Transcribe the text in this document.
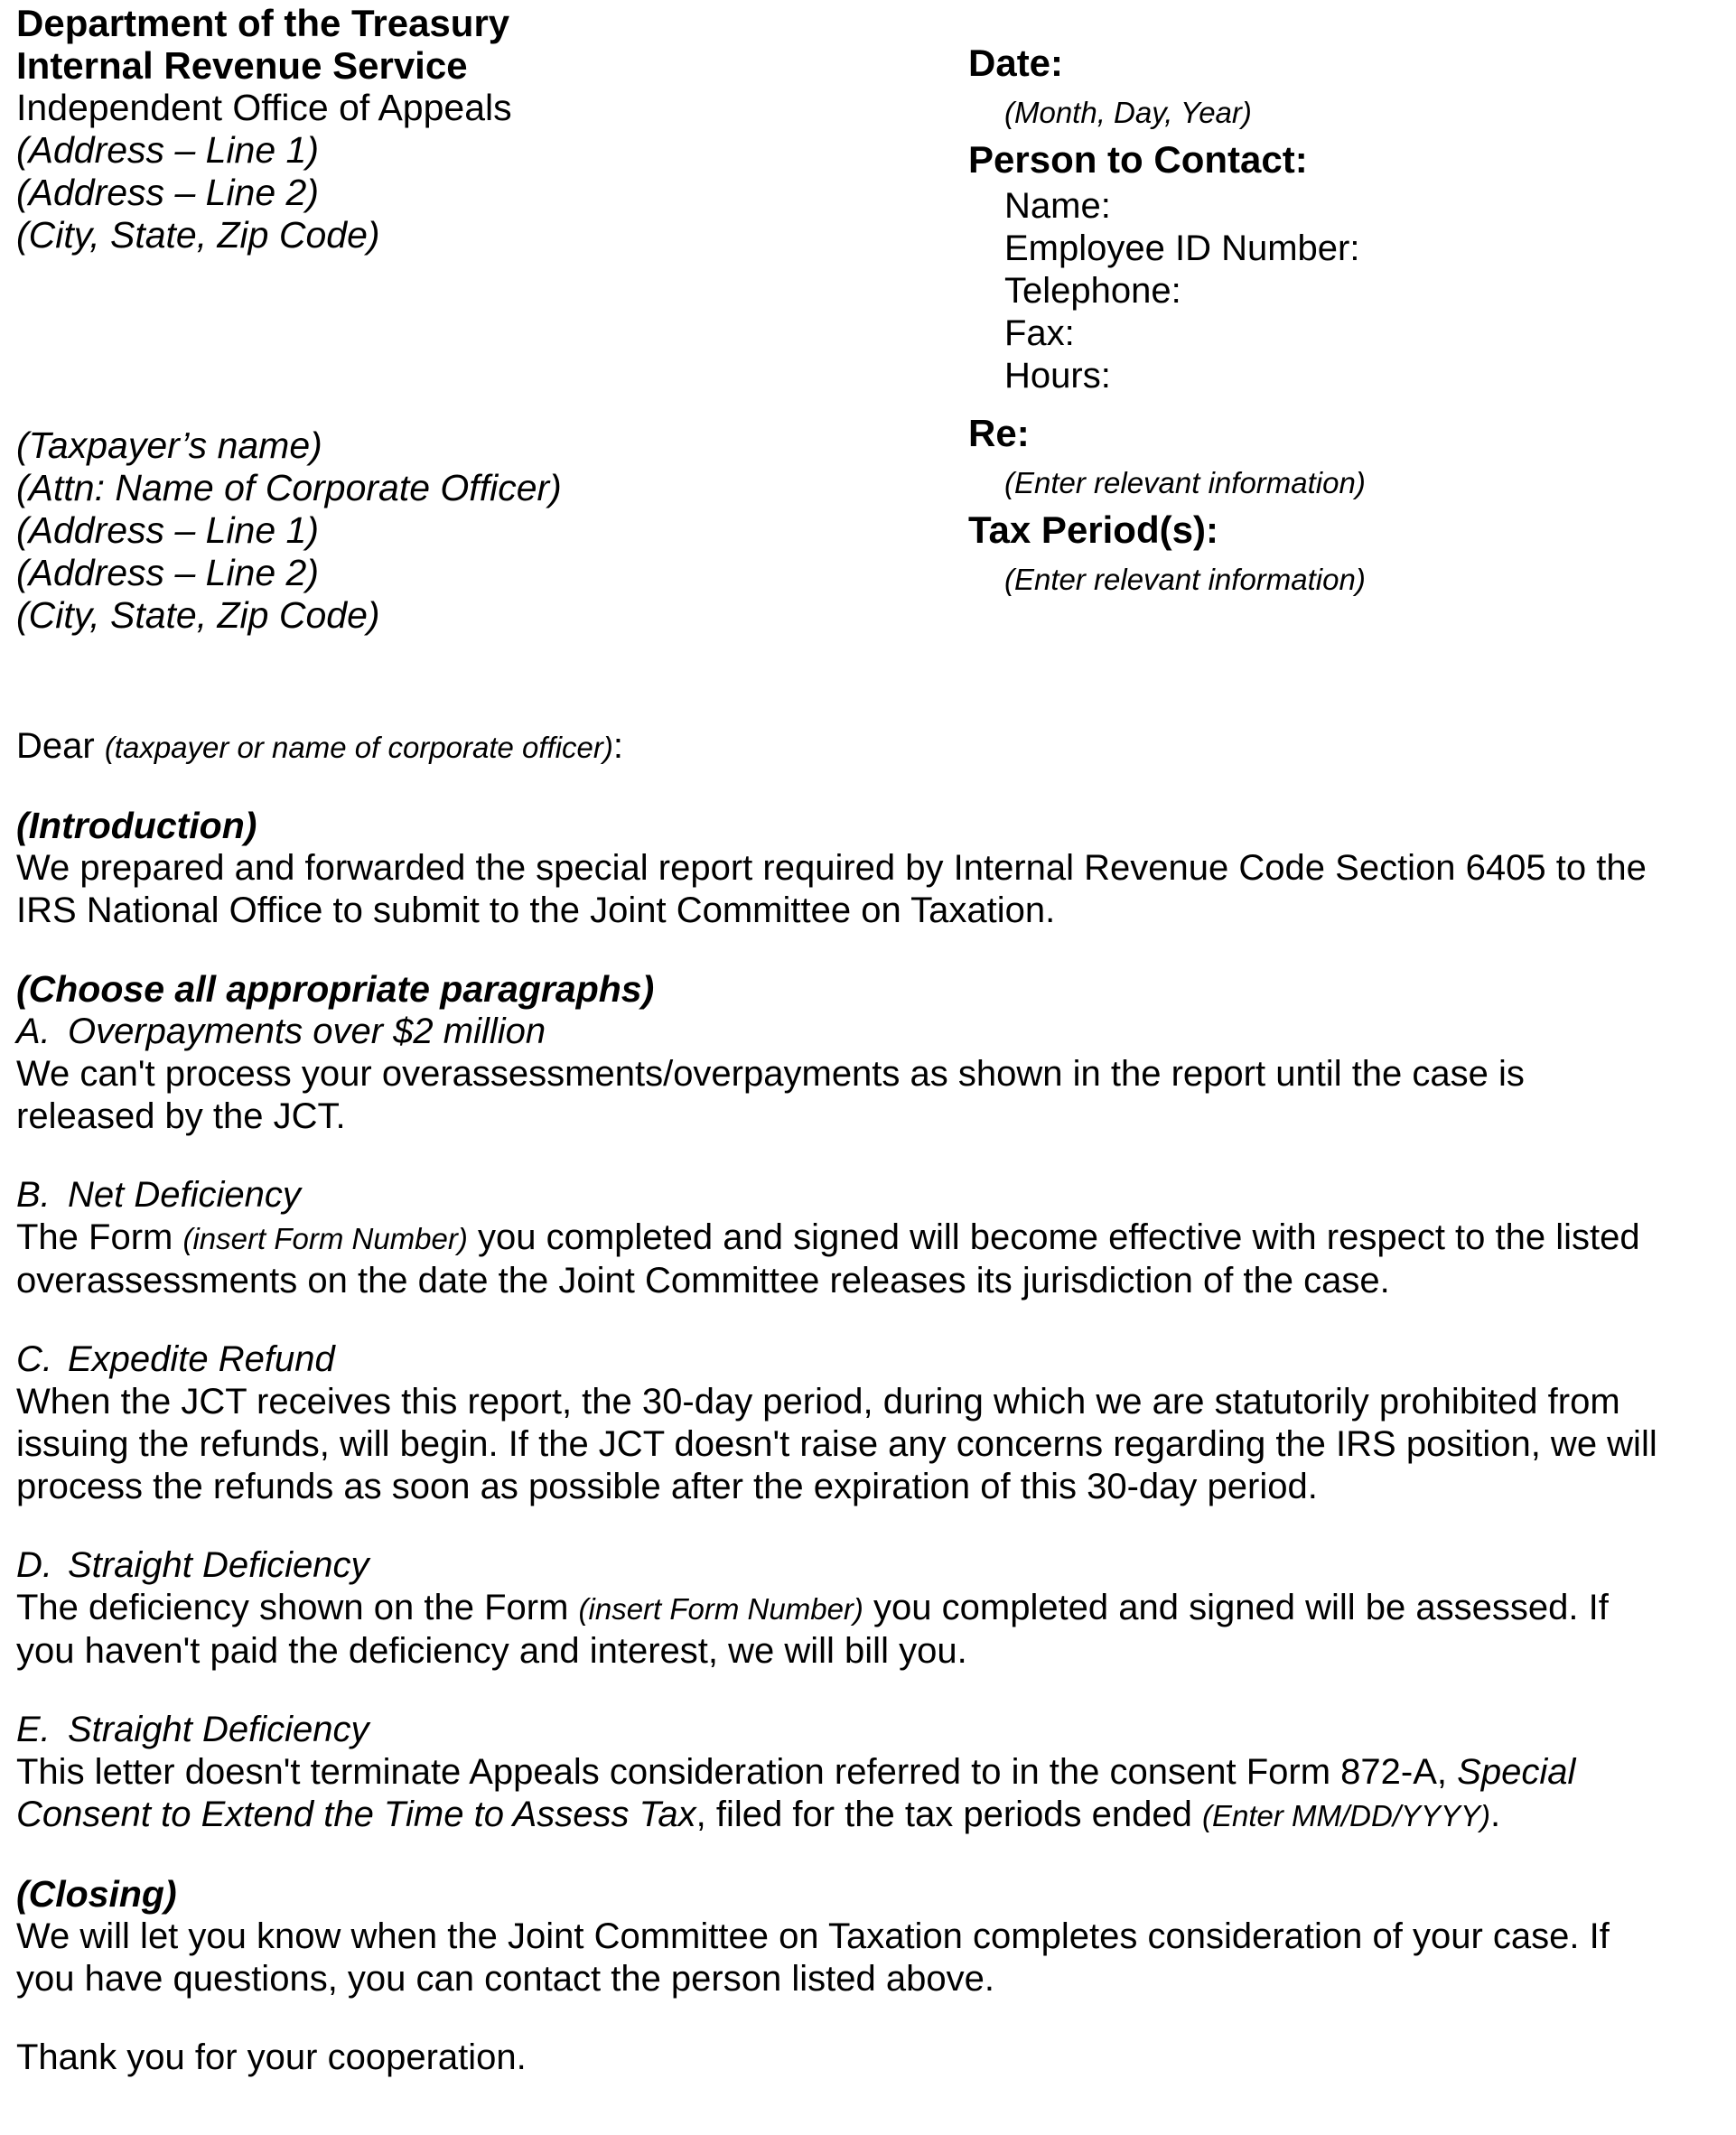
Department of the Treasury
Internal Revenue Service
Independent Office of Appeals
(Address – Line 1)
(Address – Line 2)
(City, State, Zip Code)
(Taxpayer’s name)
(Attn: Name of Corporate Officer)
(Address – Line 1)
(Address – Line 2)
(City, State, Zip Code)
Date:
(Month, Day, Year)
Person to Contact:
Name:
Employee ID Number:
Telephone:
Fax:
Hours:
Re:
(Enter relevant information)
Tax Period(s):
(Enter relevant information)

Dear (taxpayer or name of corporate officer):

(Introduction)

We prepared and forwarded the special report required by Internal Revenue Code Section 6405 to the IRS National Office to submit to the Joint Committee on Taxation.

(Choose all appropriate paragraphs)
A. Overpayments over $2 million

We can't process your overassessments/overpayments as shown in the report until the case is released by the JCT.

B. Net Deficiency

The Form (insert Form Number) you completed and signed will become effective with respect to the listed overassessments on the date the Joint Committee releases its jurisdiction of the case.

C. Expedite Refund

When the JCT receives this report, the 30-day period, during which we are statutorily prohibited from issuing the refunds, will begin. If the JCT doesn't raise any concerns regarding the IRS position, we will process the refunds as soon as possible after the expiration of this 30-day period.

D. Straight Deficiency

The deficiency shown on the Form (insert Form Number) you completed and signed will be assessed. If you haven't paid the deficiency and interest, we will bill you.

E. Straight Deficiency

This letter doesn't terminate Appeals consideration referred to in the consent Form 872-A, Special Consent to Extend the Time to Assess Tax, filed for the tax periods ended (Enter MM/DD/YYYY).

(Closing)

We will let you know when the Joint Committee on Taxation completes consideration of your case. If you have questions, you can contact the person listed above.

Thank you for your cooperation.
